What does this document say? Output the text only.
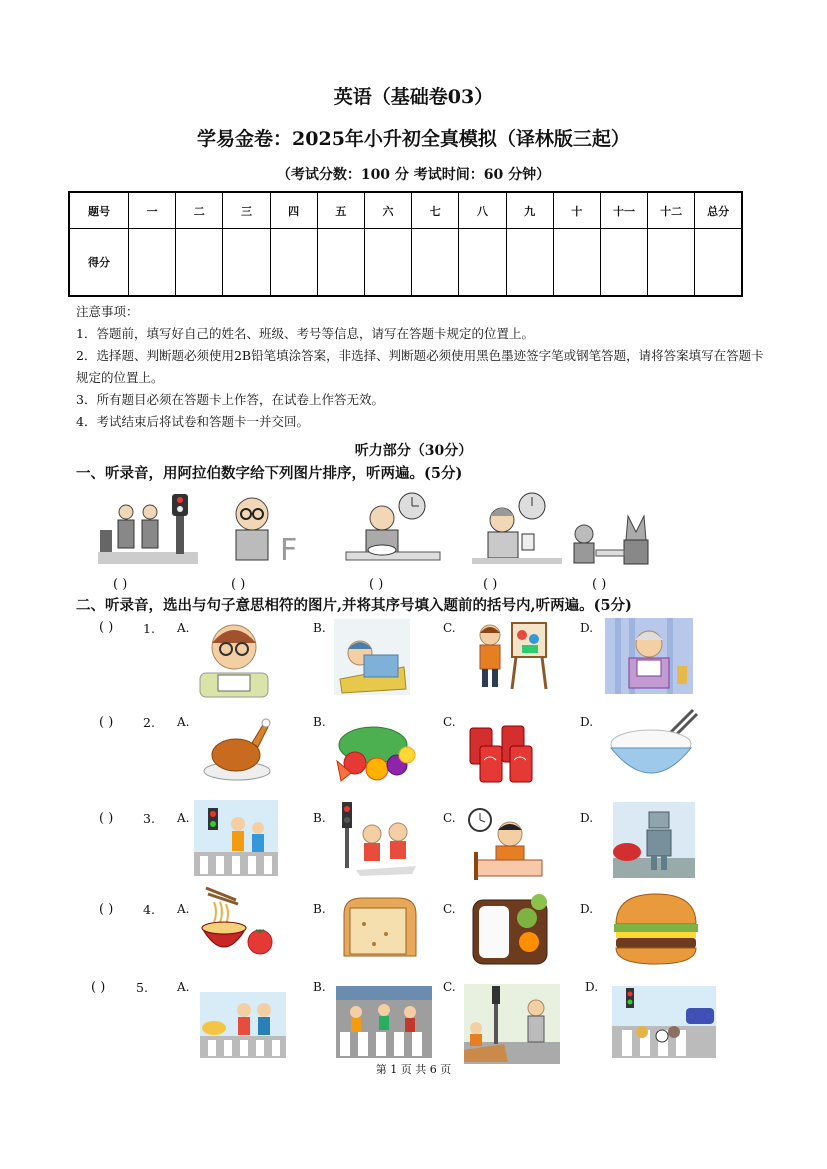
英语（基础卷03）
学易金卷：2025年小升初全真模拟（译林版三起）
（考试分数：100 分 考试时间：60 分钟）
题号	一	二	三	四	五	六	七	八	九	十	十一	十二	总分
得分													

注意事项：

1．答题前，填写好自己的姓名、班级、考号等信息，请写在答题卡规定的位置上。

2．选择题、判断题必须使用2B铅笔填涂答案，非选择、判断题必须使用黑色墨迹签字笔或钢笔答题，请将答案填写在答题卡规定的位置上。

3．所有题目必须在答题卡上作答，在试卷上作答无效。

4．考试结束后将试卷和答题卡一并交回。

听力部分（30分）
一、听录音，用阿拉伯数字给下列图片排序，听两遍。(5分)
F
( )	( )	( )	( )	( )
二、听录音，选出与句子意思相符的图片,并将其序号填入题前的括号内,听两遍。(5分)
( ) 1. A.	B.	C.	D.
( ) 2. A.	B.	C.	D.
( ) 3. A.	B.	C.	D.
( ) 4. A.	B.	C.	D.
( ) 5. A.	B.	C.	D.
第 1 页 共 6 页
